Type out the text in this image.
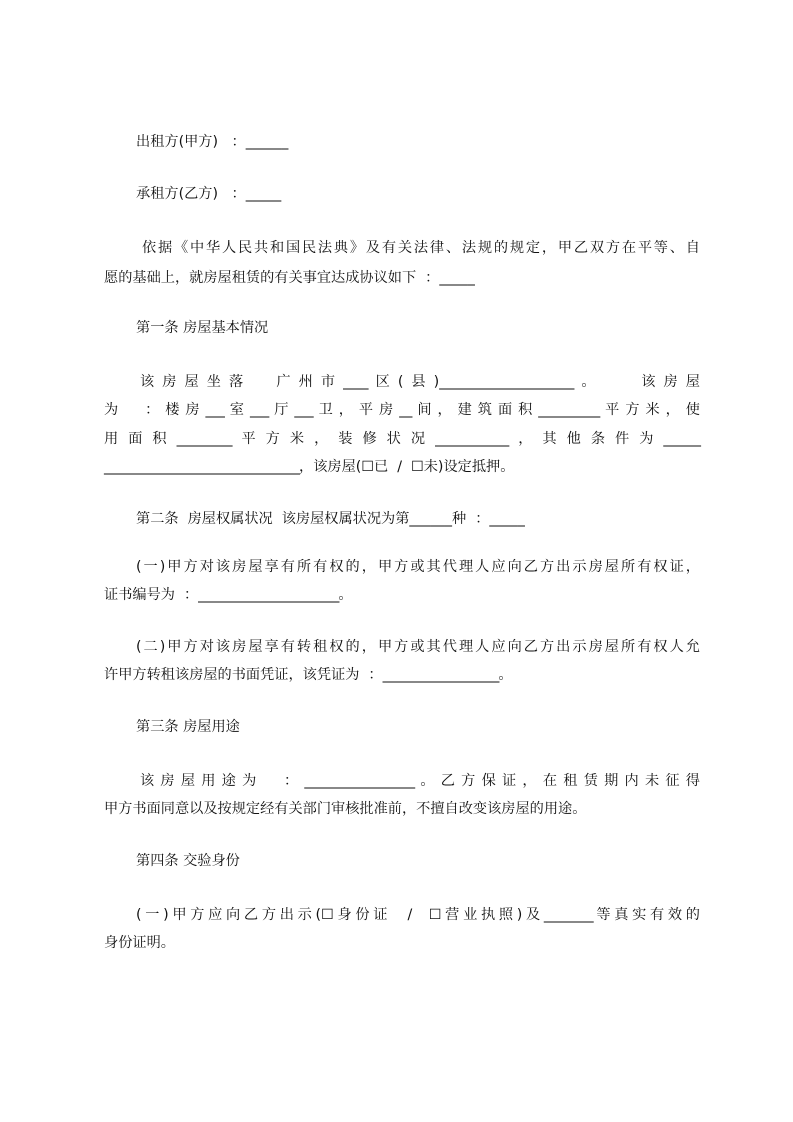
出租方(甲方) ：______

承租方(乙方) ：_____

依据《中华人民共和国民法典》及有关法律、法规的规定，甲乙双方在平等、自

愿的基础上，就房屋租赁的有关事宜达成协议如下 ：_____

第一条 房屋基本情况

该房屋坐落  广州市____区(县)______________________。   该房屋

为  ：楼房___室___厅___卫，平房__间，建筑面积__________平方米，使

用面积_________平方米，装修状况____________，其他条件为______

________________________________，该房屋(☐已  /  ☐未)设定抵押。

第二条  房屋权属状况  该房屋权属状况为第______种  ：_____

(一)甲方对该房屋享有所有权的，甲方或其代理人应向乙方出示房屋所有权证，

证书编号为  ：_______________________。

(二)甲方对该房屋享有转租权的，甲方或其代理人应向乙方出示房屋所有权人允

许甲方转租该房屋的书面凭证，该凭证为  ：___________________。

第三条 房屋用途

该房屋用途为  ：__________________。乙方保证，在租赁期内未征得

甲方书面同意以及按规定经有关部门审核批准前，不擅自改变该房屋的用途。

第四条 交验身份

(一)甲方应向乙方出示(☐身份证  /  ☐营业执照)及________等真实有效的

身份证明。
